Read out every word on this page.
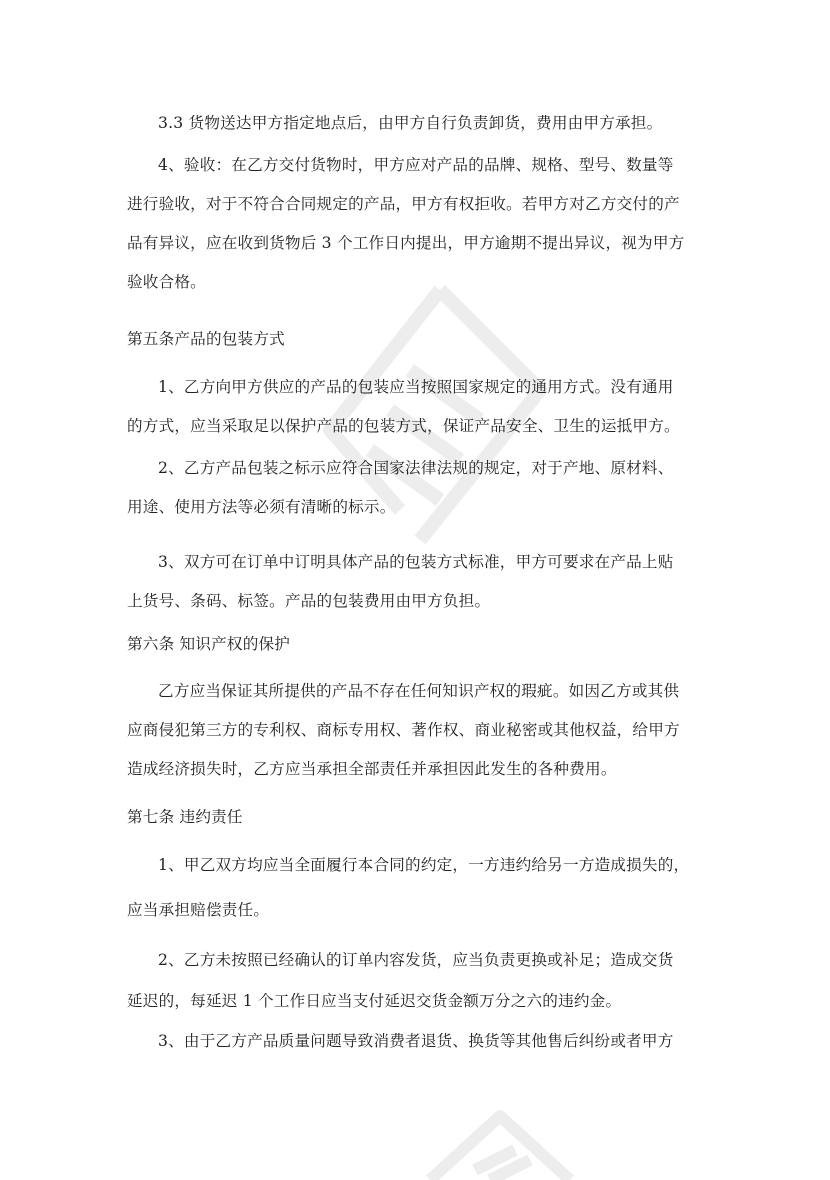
3.3 货物送达甲方指定地点后，由甲方自行负责卸货，费用由甲方承担。
4、验收：在乙方交付货物时，甲方应对产品的品牌、规格、型号、数量等
进行验收，对于不符合合同规定的产品，甲方有权拒收。若甲方对乙方交付的产
品有异议，应在收到货物后 3 个工作日内提出，甲方逾期不提出异议，视为甲方
验收合格。
第五条产品的包装方式
1、乙方向甲方供应的产品的包装应当按照国家规定的通用方式。没有通用
的方式，应当采取足以保护产品的包装方式，保证产品安全、卫生的运抵甲方。
2、乙方产品包装之标示应符合国家法律法规的规定，对于产地、原材料、
用途、使用方法等必须有清晰的标示。
3、双方可在订单中订明具体产品的包装方式标准，甲方可要求在产品上贴
上货号、条码、标签。产品的包装费用由甲方负担。
第六条 知识产权的保护
乙方应当保证其所提供的产品不存在任何知识产权的瑕疵。如因乙方或其供
应商侵犯第三方的专利权、商标专用权、著作权、商业秘密或其他权益，给甲方
造成经济损失时，乙方应当承担全部责任并承担因此发生的各种费用。
第七条 违约责任
1、甲乙双方均应当全面履行本合同的约定，一方违约给另一方造成损失的，
应当承担赔偿责任。
2、乙方未按照已经确认的订单内容发货，应当负责更换或补足；造成交货
延迟的，每延迟 1 个工作日应当支付延迟交货金额万分之六的违约金。
3、由于乙方产品质量问题导致消费者退货、换货等其他售后纠纷或者甲方
